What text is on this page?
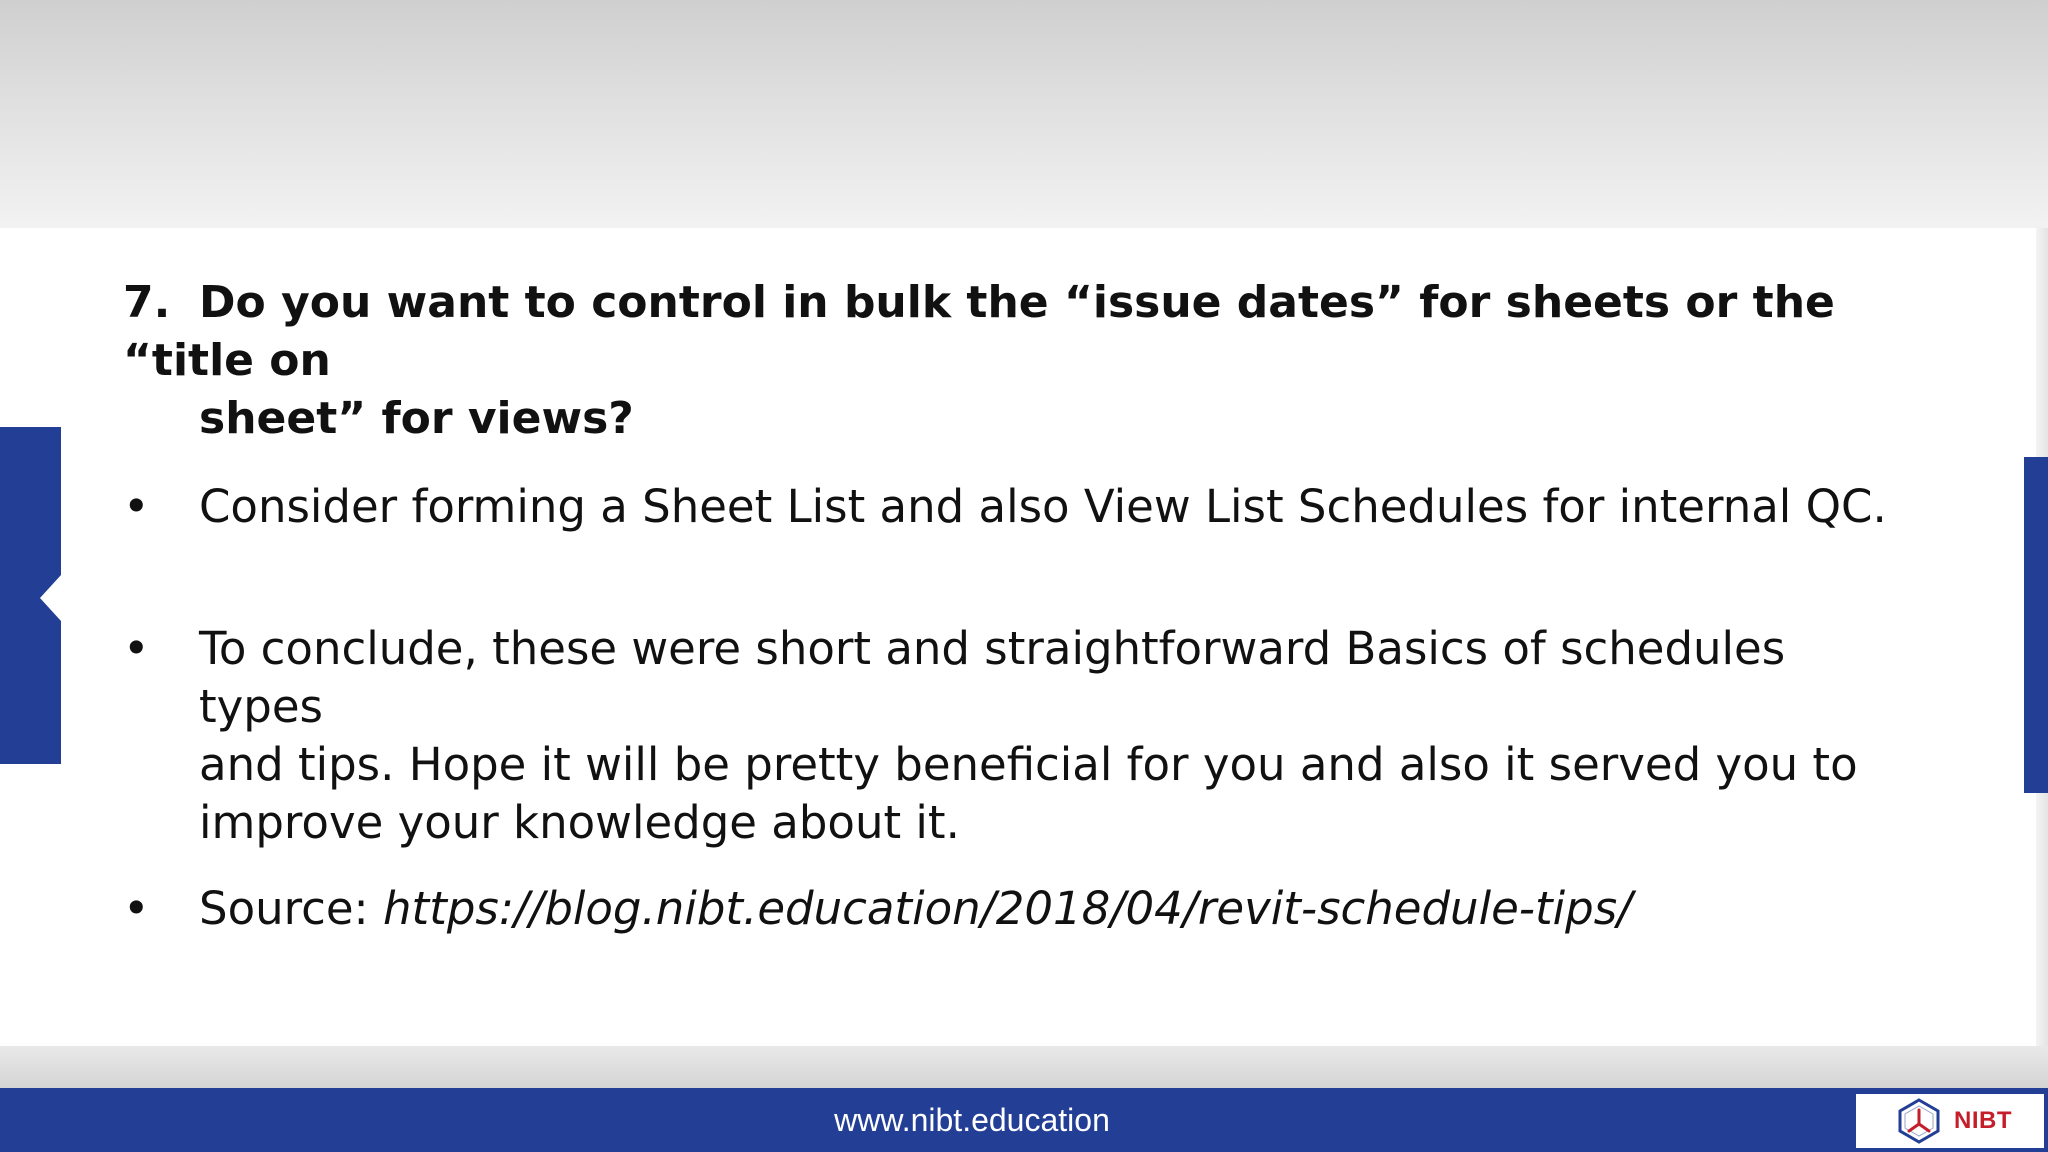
7. Do you want to control in bulk the “issue dates” for sheets or the “title on
sheet” for views?
•	Consider forming a Sheet List and also View List Schedules for internal QC.
•	To conclude, these were short and straightforward Basics of schedules types
and tips. Hope it will be pretty beneficial for you and also it served you to
improve your knowledge about it.
•	Source: https://blog.nibt.education/2018/04/revit-schedule-tips/
www.nibt.education	NIBT
